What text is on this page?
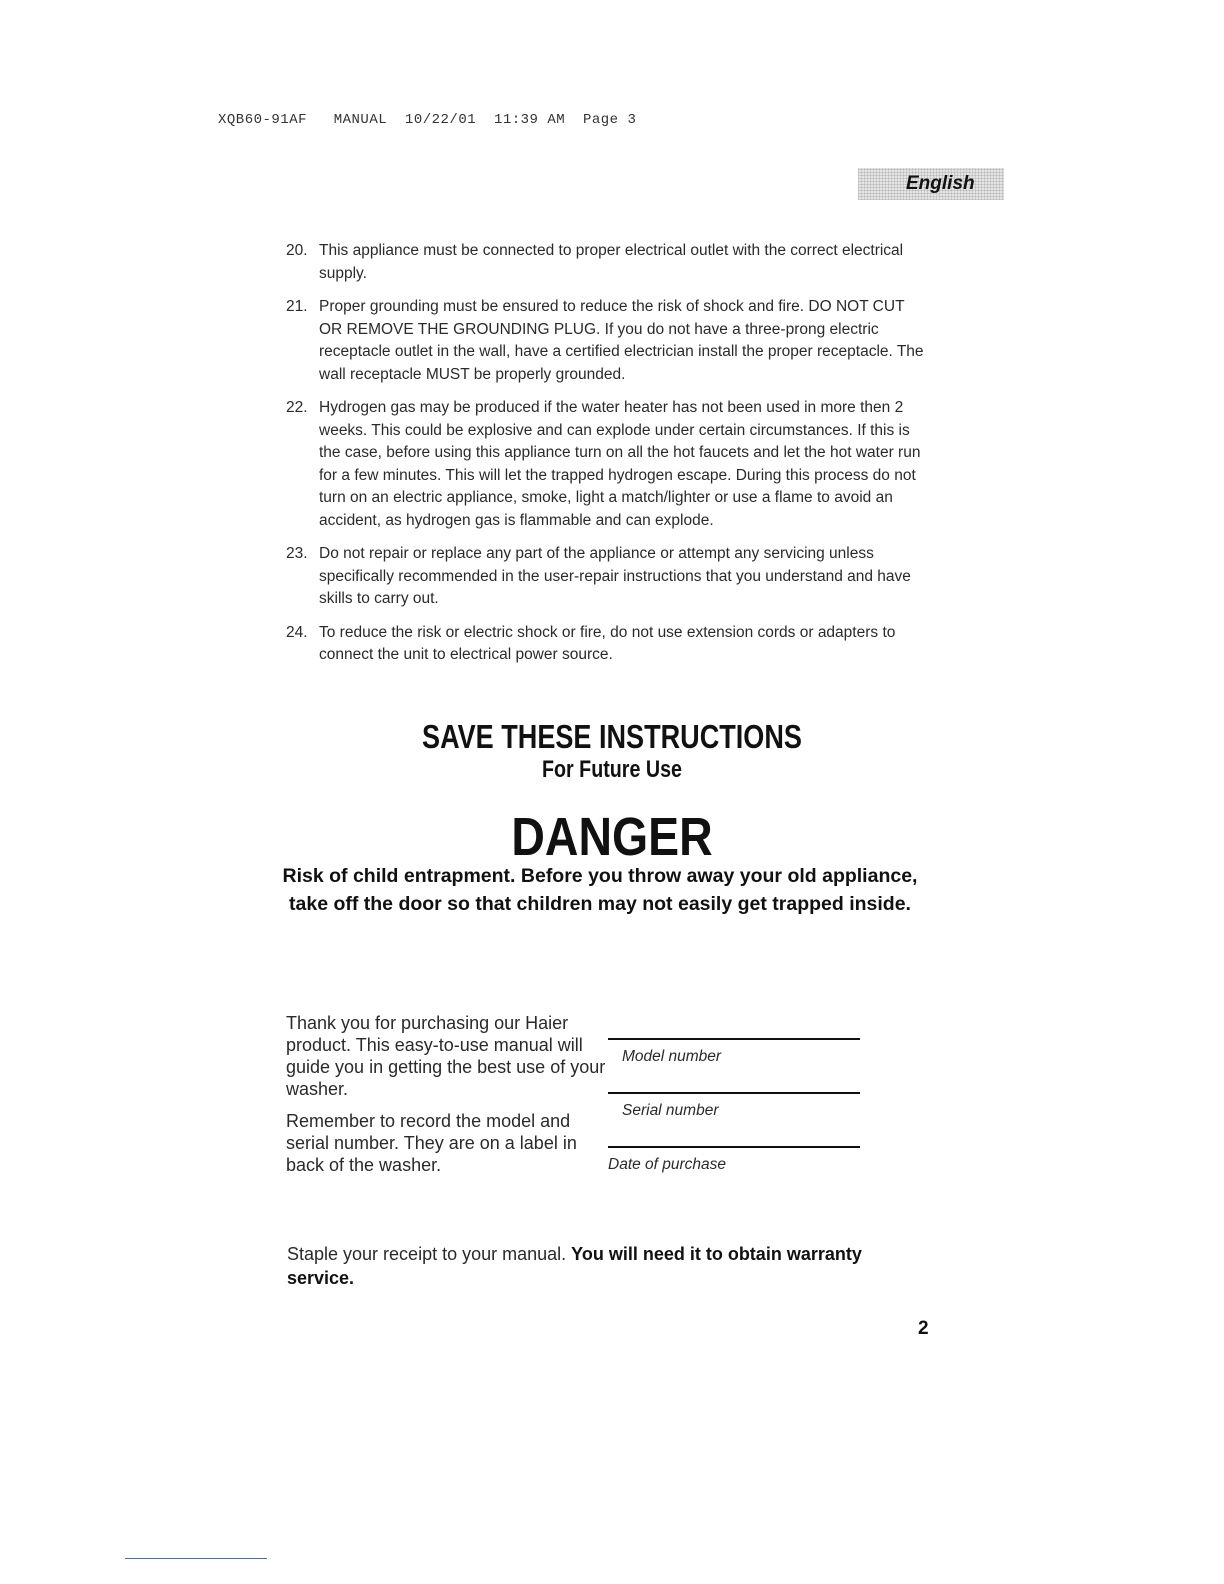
XQB60-91AF   MANUAL  10/22/01  11:39 AM  Page 3
English
20. This appliance must be connected to proper electrical outlet with the correct electrical supply.
21. Proper grounding must be ensured to reduce the risk of shock and fire. DO NOT CUT OR REMOVE THE GROUNDING PLUG. If you do not have a three-prong electric receptacle outlet in the wall, have a certified electrician install the proper receptacle. The wall receptacle MUST be properly grounded.
22. Hydrogen gas may be produced if the water heater has not been used in more then 2 weeks. This could be explosive and can explode under certain circumstances. If this is the case, before using this appliance turn on all the hot faucets and let the hot water run for a few minutes. This will let the trapped hydrogen escape. During this process do not turn on an electric appliance, smoke, light a match/lighter or use a flame to avoid an accident, as hydrogen gas is flammable and can explode.
23. Do not repair or replace any part of the appliance or attempt any servicing unless specifically recommended in the user-repair instructions that you understand and have skills to carry out.
24. To reduce the risk or electric shock or fire, do not use extension cords or adapters to connect the unit to electrical power source.
SAVE THESE INSTRUCTIONS
For Future Use
DANGER

Risk of child entrapment. Before you throw away your old appliance, take off the door so that children may not easily get trapped inside.

Thank you for purchasing our Haier product. This easy-to-use manual will guide you in getting the best use of your washer.

Remember to record the model and serial number. They are on a label in back of the washer.

Model number
Serial number
Date of purchase

Staple your receipt to your manual. You will need it to obtain warranty service.

2
